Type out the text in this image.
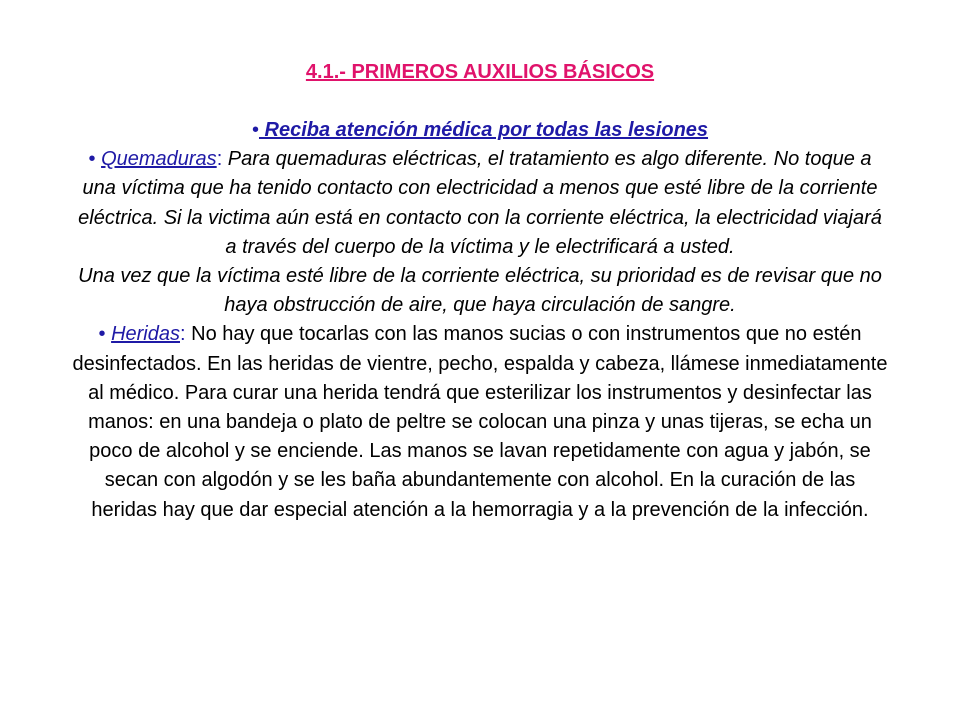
4.1.- PRIMEROS AUXILIOS BÁSICOS

• Reciba atención médica por todas las lesiones

• Quemaduras: Para quemaduras eléctricas, el tratamiento es algo diferente. No toque a una víctima que ha tenido contacto con electricidad a menos que esté libre de la corriente eléctrica. Si la victima aún está en contacto con la corriente eléctrica, la electricidad viajará a través del cuerpo de la víctima y le electrificará a usted.

Una vez que la víctima esté libre de la corriente eléctrica, su prioridad es de revisar que no haya obstrucción de aire, que haya circulación de sangre.

• Heridas: No hay que tocarlas con las manos sucias o con instrumentos que no estén desinfectados. En las heridas de vientre, pecho, espalda y cabeza, llámese inmediatamente al médico. Para curar una herida tendrá que esterilizar los instrumentos y desinfectar las manos: en una bandeja o plato de peltre se colocan una pinza y unas tijeras, se echa un poco de alcohol y se enciende. Las manos se lavan repetidamente con agua y jabón, se secan con algodón y se les baña abundantemente con alcohol. En la curación de las heridas hay que dar especial atención a la hemorragia y a la prevención de la infección.
